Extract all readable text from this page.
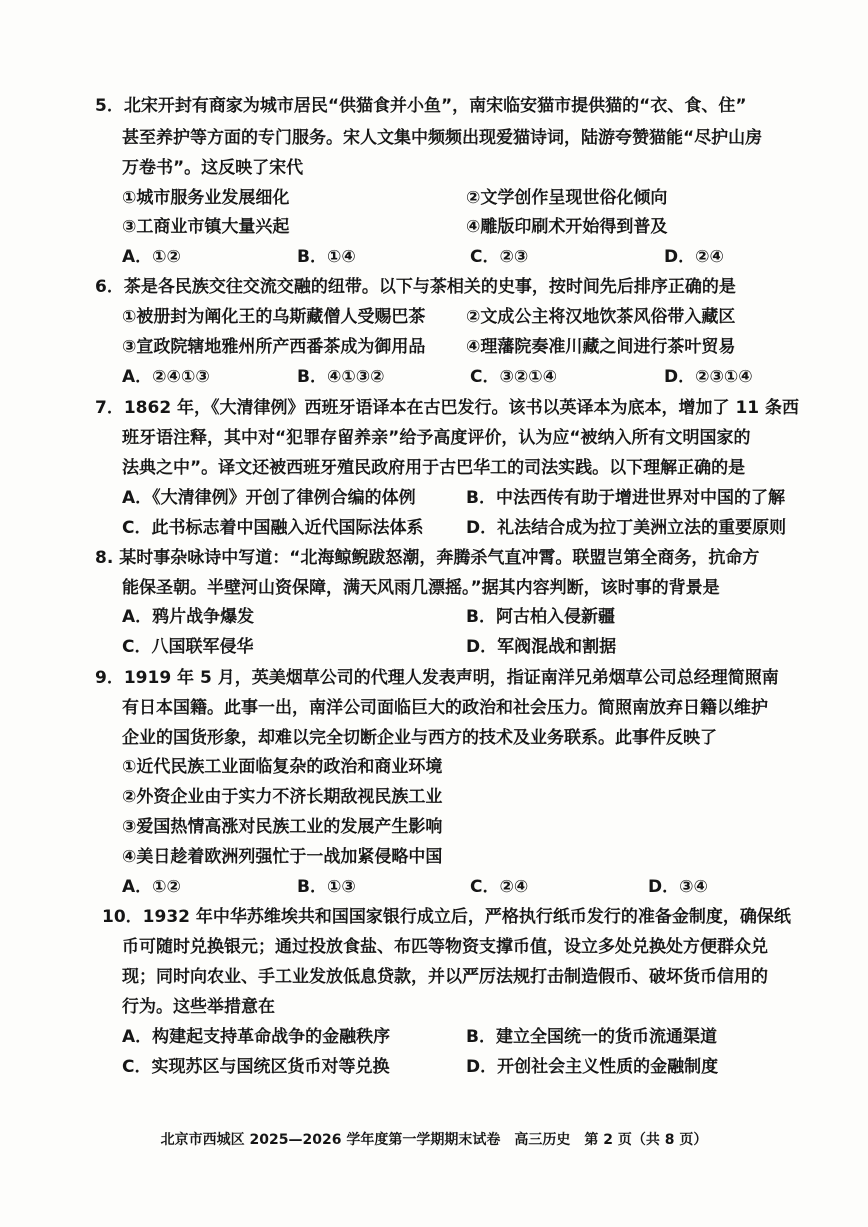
5．北宋开封有商家为城市居民“供猫食并小鱼”，南宋临安猫市提供猫的“衣、食、住”
甚至养护等方面的专门服务。宋人文集中频频出现爱猫诗词，陆游夸赞猫能“尽护山房
万卷书”。这反映了宋代
①城市服务业发展细化	②文学创作呈现世俗化倾向
③工商业市镇大量兴起	④雕版印刷术开始得到普及
A．①②	B．①④	C．②③	D．②④
6．茶是各民族交往交流交融的纽带。以下与茶相关的史事，按时间先后排序正确的是
①被册封为阐化王的乌斯藏僧人受赐巴茶 ②文成公主将汉地饮茶风俗带入藏区
③宣政院辖地雅州所产西番茶成为御用品 ④理藩院奏准川藏之间进行茶叶贸易
A．②④①③	B．④①③②	C．③②①④	D．②③①④
7．1862 年，《大清律例》西班牙语译本在古巴发行。该书以英译本为底本，增加了 11 条西
班牙语注释，其中对“犯罪存留养亲”给予高度评价，认为应“被纳入所有文明国家的
法典之中”。译文还被西班牙殖民政府用于古巴华工的司法实践。以下理解正确的是
A．《大清律例》开创了律例合编的体例	B．中法西传有助于增进世界对中国的了解
C．此书标志着中国融入近代国际法体系	D．礼法结合成为拉丁美洲立法的重要原则
8. 某时事杂咏诗中写道：“北海鲸鲵跋怒潮，奔腾杀气直冲霄。联盟岂第全商务，抗命方
能保圣朝。半壁河山资保障，满天风雨几漂摇。”据其内容判断，该时事的背景是
A．鸦片战争爆发	B．阿古柏入侵新疆
C．八国联军侵华	D．军阀混战和割据
9．1919 年 5 月，英美烟草公司的代理人发表声明，指证南洋兄弟烟草公司总经理简照南
有日本国籍。此事一出，南洋公司面临巨大的政治和社会压力。简照南放弃日籍以维护
企业的国货形象，却难以完全切断企业与西方的技术及业务联系。此事件反映了
①近代民族工业面临复杂的政治和商业环境
②外资企业由于实力不济长期敌视民族工业
③爱国热情高涨对民族工业的发展产生影响
④美日趁着欧洲列强忙于一战加紧侵略中国
A．①②	B．①③	C．②④	D．③④
10．1932 年中华苏维埃共和国国家银行成立后，严格执行纸币发行的准备金制度，确保纸
币可随时兑换银元；通过投放食盐、布匹等物资支撑币值，设立多处兑换处方便群众兑
现；同时向农业、手工业发放低息贷款，并以严厉法规打击制造假币、破坏货币信用的
行为。这些举措意在
A．构建起支持革命战争的金融秩序	B．建立全国统一的货币流通渠道
C．实现苏区与国统区货币对等兑换	D．开创社会主义性质的金融制度
北京市西城区 2025—2026 学年度第一学期期末试卷　高三历史　第 2 页（共 8 页）
